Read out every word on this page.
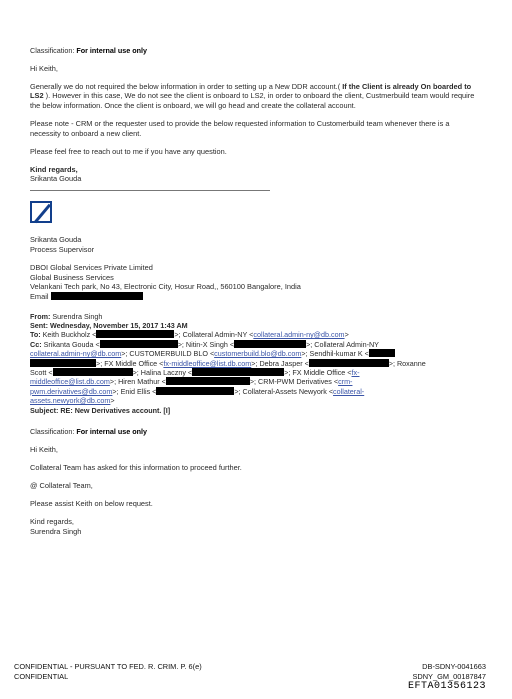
Classification: For internal use only
Hi Keith,
Generally we do not required the below information in order to setting up a New DDR account.( If the Client is already On boarded to LS2 ). However in this case, We do not see the client is onboard to LS2, in order to onboard the client, Custmerbuild team would require the below information. Once the client is onboard, we will go head and create the collateral account.
Please note - CRM or the requester used to provide the below requested information to Customerbuild team whenever there is a necessity to onboard a new client.
Please feel free to reach out to me if you have any question.
Kind regards,
Srikanta Gouda
Srikanta Gouda
Process Supervisor
DBOI Global Services Private Limited
Global Business Services
Velankani Tech park, No 43, Electronic City, Hosur Road,, 560100 Bangalore, India
Email
From: Surendra Singh
Sent: Wednesday, November 15, 2017 1:43 AM
To: Keith Buckholz <	>; Collateral Admin-NY <collateral.admin-ny@db.com>
Cc: Srikanta Gouda <	>; Nitin-X Singh <	>; Collateral Admin-NY
collateral.admin-ny@db.com>; CUSTOMERBUILD BLO <customerbuild.blo@db.com>; Sendhil-kumar K <
>; FX Middle Office <fx-middleoffice@list.db.com>; Debra Jasper <	>; Roxanne
Scott <	>; Halina Laczny <	>; FX Middle Office <fx-
middleoffice@list.db.com>; Hiren Mathur <	>; CRM-PWM Derivatives <crm-
pwm.derivatives@db.com>; Enid Ellis <	>; Collateral-Assets Newyork <collateral-
assets.newyork@db.com>
Subject: RE: New Derivatives account. [I]
Classification: For internal use only
Hi Keith,
Collateral Team has asked for this information to proceed further.
@ Collateral Team,
Please assist Keith on below request.
Kind regards,
Surendra Singh
CONFIDENTIAL - PURSUANT TO FED. R. CRIM. P. 6(e)
CONFIDENTIAL
DB-SDNY-0041663
SDNY_GM_00187847
EFTA01356123
